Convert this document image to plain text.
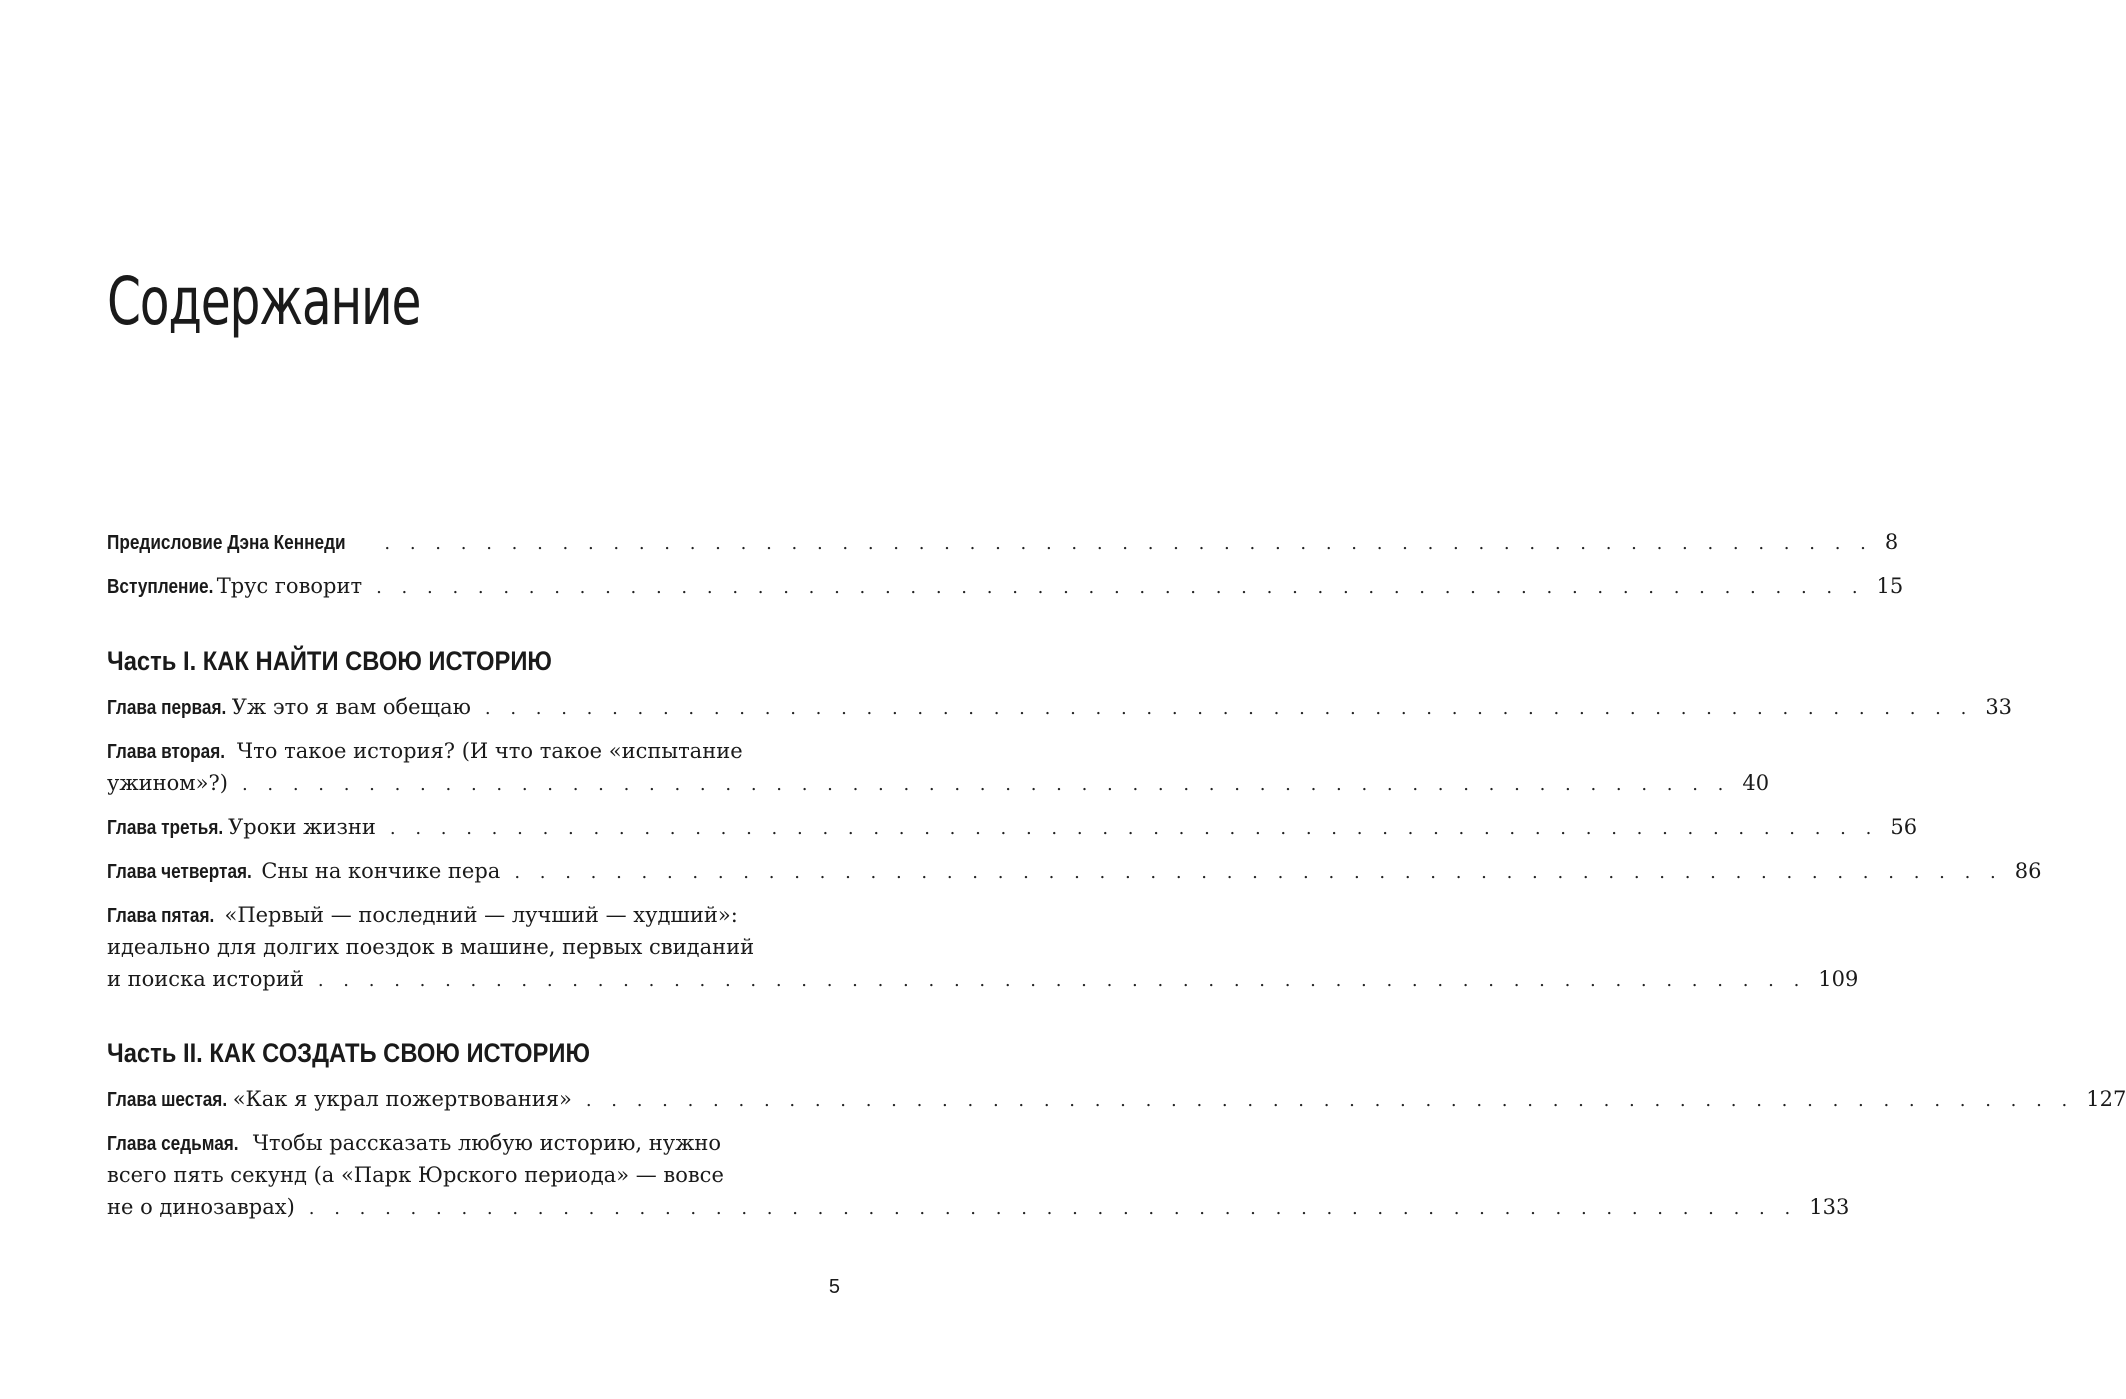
Содержание
Предисловие Дэна Кеннеди . . . . . . . . . . . . . . . . . . . . . . . . . . . . . . . . . . . . . . . . . . . . . . . . . . . . . . . . . . . 8
Вступление. Трус говорит . . . . . . . . . . . . . . . . . . . . . . . . . . . . . . . . . . . . . . . . . . . . . . . . . . . . . . . . . . . 15
Часть I. КАК НАЙТИ СВОЮ ИСТОРИЮ
Глава первая. Уж это я вам обещаю . . . . . . . . . . . . . . . . . . . . . . . . . . . . . . . . . . . . . . . . . . . . . . . . . . . . . . . . . . . 33
Глава вторая. Что такое история? (И что такое «испытание
ужином»?) . . . . . . . . . . . . . . . . . . . . . . . . . . . . . . . . . . . . . . . . . . . . . . . . . . . . . . . . . . . 40
Глава третья. Уроки жизни . . . . . . . . . . . . . . . . . . . . . . . . . . . . . . . . . . . . . . . . . . . . . . . . . . . . . . . . . . . 56
Глава четвертая. Сны на кончике пера . . . . . . . . . . . . . . . . . . . . . . . . . . . . . . . . . . . . . . . . . . . . . . . . . . . . . . . . . . . 86
Глава пятая. «Первый — последний — лучший — худший»:
идеально для долгих поездок в машине, первых свиданий
и поиска историй . . . . . . . . . . . . . . . . . . . . . . . . . . . . . . . . . . . . . . . . . . . . . . . . . . . . . . . . . . . 109
Часть II. КАК СОЗДАТЬ СВОЮ ИСТОРИЮ
Глава шестая. «Как я украл пожертвования» . . . . . . . . . . . . . . . . . . . . . . . . . . . . . . . . . . . . . . . . . . . . . . . . . . . . . . . . . . . 127
Глава седьмая. Чтобы рассказать любую историю, нужно
всего пять секунд (а «Парк Юрского периода» — вовсе
не о динозаврах) . . . . . . . . . . . . . . . . . . . . . . . . . . . . . . . . . . . . . . . . . . . . . . . . . . . . . . . . . . . 133
5
